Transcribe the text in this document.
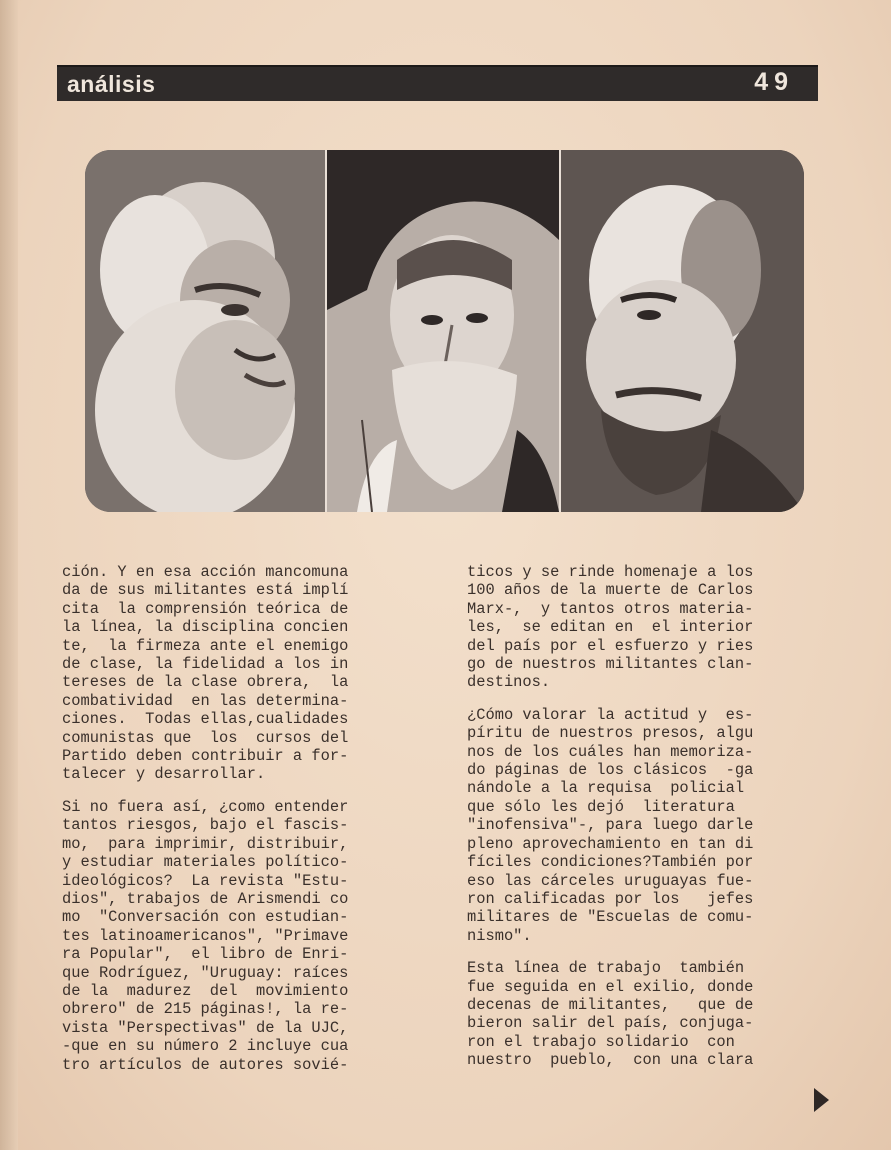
análisis	49

ción. Y en esa acción mancomuna
da de sus militantes está implí
cita  la comprensión teórica de
la línea, la disciplina concien
te,  la firmeza ante el enemigo
de clase, la fidelidad a los in
tereses de la clase obrera,  la
combatividad  en las determina-
ciones.  Todas ellas,cualidades
comunistas que  los  cursos del
Partido deben contribuir a for-
talecer y desarrollar.

Si no fuera así, ¿como entender
tantos riesgos, bajo el fascis-
mo,  para imprimir, distribuir,
y estudiar materiales político-
ideológicos?  La revista "Estu-
dios", trabajos de Arismendi co
mo  "Conversación con estudian-
tes latinoamericanos", "Primave
ra Popular",  el libro de Enri-
que Rodríguez, "Uruguay: raíces
de la  madurez  del  movimiento
obrero" de 215 páginas!, la re-
vista "Perspectivas" de la UJC,
-que en su número 2 incluye cua
tro artículos de autores sovié-

ticos y se rinde homenaje a los
100 años de la muerte de Carlos
Marx-,  y tantos otros materia-
les,  se editan en  el interior
del país por el esfuerzo y ries
go de nuestros militantes clan-
destinos.

¿Cómo valorar la actitud y  es-
píritu de nuestros presos, algu
nos de los cuáles han memoriza-
do páginas de los clásicos  -ga
nándole a la requisa  policial
que sólo les dejó  literatura
"inofensiva"-, para luego darle
pleno aprovechamiento en tan di
fíciles condiciones?También por
eso las cárceles uruguayas fue-
ron calificadas por los   jefes
militares de "Escuelas de comu-
nismo".

Esta línea de trabajo  también
fue seguida en el exilio, donde
decenas de militantes,   que de
bieron salir del país, conjuga-
ron el trabajo solidario  con
nuestro  pueblo,  con una clara
